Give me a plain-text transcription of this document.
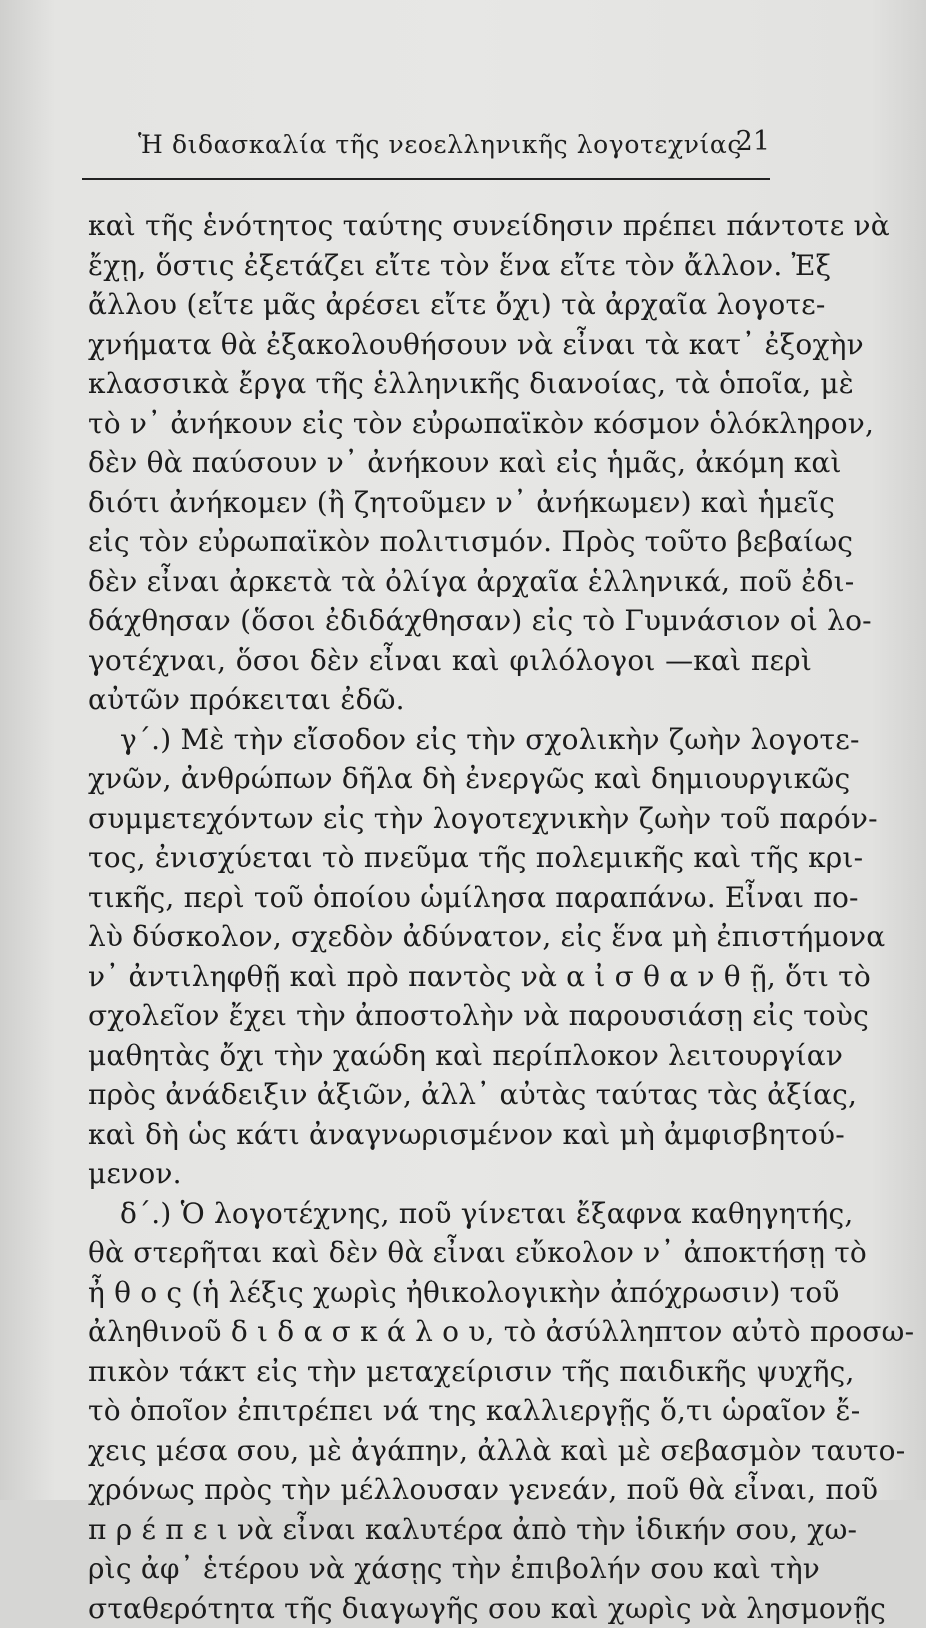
Ἡ διδασκαλία τῆς νεοελληνικῆς λογοτεχνίας
21
καὶ τῆς ἑνότητος ταύτης συνείδησιν πρέπει πάντοτε νὰ
ἔχῃ, ὅστις ἐξετάζει εἴτε τὸν ἕνα εἴτε τὸν ἄλλον. Ἐξ
ἄλλου (εἴτε μᾶς ἀρέσει εἴτε ὄχι) τὰ ἀρχαῖα λογοτε-
χνήματα θὰ ἐξακολουθήσουν νὰ εἶναι τὰ κατ᾽ ἐξοχὴν
κλασσικὰ ἔργα τῆς ἑλληνικῆς διανοίας, τὰ ὁποῖα, μὲ
τὸ ν᾽ ἀνήκουν εἰς τὸν εὐρωπαϊκὸν κόσμον ὁλόκληρον,
δὲν θὰ παύσουν ν᾽ ἀνήκουν καὶ εἰς ἡμᾶς, ἀκόμη καὶ
διότι ἀνήκομεν (ἢ ζητοῦμεν ν᾽ ἀνήκωμεν) καὶ ἡμεῖς
εἰς τὸν εὐρωπαϊκὸν πολιτισμόν. Πρὸς τοῦτο βεβαίως
δὲν εἶναι ἀρκετὰ τὰ ὀλίγα ἀρχαῖα ἑλληνικά, ποῦ ἐδι-
δάχθησαν (ὅσοι ἐδιδάχθησαν) εἰς τὸ Γυμνάσιον οἱ λο-
γοτέχναι, ὅσοι δὲν εἶναι καὶ φιλόλογοι —καὶ περὶ
αὐτῶν πρόκειται ἐδῶ.
γ΄.) Μὲ τὴν εἴσοδον εἰς τὴν σχολικὴν ζωὴν λογοτε-
χνῶν, ἀνθρώπων δῆλα δὴ ἐνεργῶς καὶ δημιουργικῶς
συμμετεχόντων εἰς τὴν λογοτεχνικὴν ζωὴν τοῦ παρόν-
τος, ἐνισχύεται τὸ πνεῦμα τῆς πολεμικῆς καὶ τῆς κρι-
τικῆς, περὶ τοῦ ὁποίου ὡμίλησα παραπάνω. Εἶναι πο-
λὺ δύσκολον, σχεδὸν ἀδύνατον, εἰς ἕνα μὴ ἐπιστήμονα
ν᾽ ἀντιληφθῇ καὶ πρὸ παντὸς νὰ α ἰ σ θ α ν θ ῇ, ὅτι τὸ
σχολεῖον ἔχει τὴν ἀποστολὴν νὰ παρουσιάσῃ εἰς τοὺς
μαθητὰς ὄχι τὴν χαώδη καὶ περίπλοκον λειτουργίαν
πρὸς ἀνάδειξιν ἀξιῶν, ἀλλ᾽ αὐτὰς ταύτας τὰς ἀξίας,
καὶ δὴ ὡς κάτι ἀναγνωρισμένον καὶ μὴ ἀμφισβητού-
μενον.
δ΄.) Ὁ λογοτέχνης, ποῦ γίνεται ἔξαφνα καθηγητής,
θὰ στερῆται καὶ δὲν θὰ εἶναι εὔκολον ν᾽ ἀποκτήσῃ τὸ
ἦ θ ο ς (ἡ λέξις χωρὶς ἠθικολογικὴν ἀπόχρωσιν) τοῦ
ἀληθινοῦ δ ι δ α σ κ ά λ ο υ, τὸ ἀσύλληπτον αὐτὸ προσω-
πικὸν τάκτ εἰς τὴν μεταχείρισιν τῆς παιδικῆς ψυχῆς,
τὸ ὁποῖον ἐπιτρέπει νά της καλλιεργῇς ὅ,τι ὡραῖον ἔ-
χεις μέσα σου, μὲ ἀγάπην, ἀλλὰ καὶ μὲ σεβασμὸν ταυτο-
χρόνως πρὸς τὴν μέλλουσαν γενεάν, ποῦ θὰ εἶναι, ποῦ
π ρ έ π ε ι νὰ εἶναι καλυτέρα ἀπὸ τὴν ἰδικήν σου, χω-
ρὶς ἀφ᾽ ἑτέρου νὰ χάσῃς τὴν ἐπιβολήν σου καὶ τὴν
σταθερότητα τῆς διαγωγῆς σου καὶ χωρὶς νὰ λησμονῇς
